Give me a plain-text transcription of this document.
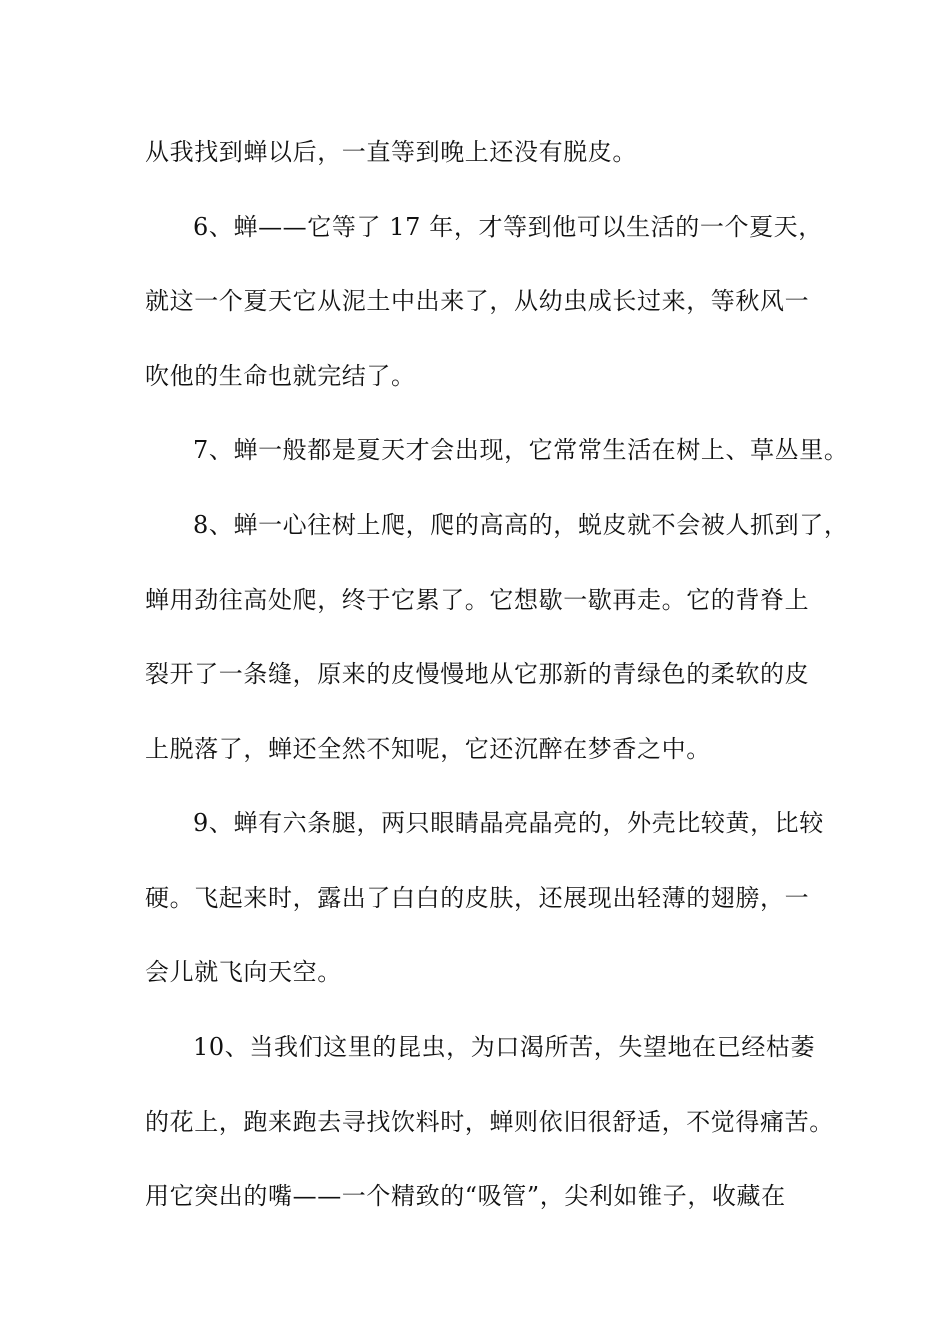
从我找到蝉以后，一直等到晚上还没有脱皮。
6、蝉——它等了 17 年，才等到他可以生活的一个夏天，
就这一个夏天它从泥土中出来了，从幼虫成长过来，等秋风一
吹他的生命也就完结了。
7、蝉一般都是夏天才会出现，它常常生活在树上、草丛里。
8、蝉一心往树上爬，爬的高高的，蜕皮就不会被人抓到了，
蝉用劲往高处爬，终于它累了。它想歇一歇再走。它的背脊上
裂开了一条缝，原来的皮慢慢地从它那新的青绿色的柔软的皮
上脱落了，蝉还全然不知呢，它还沉醉在梦香之中。
9、蝉有六条腿，两只眼睛晶亮晶亮的，外壳比较黄，比较
硬。飞起来时，露出了白白的皮肤，还展现出轻薄的翅膀，一
会儿就飞向天空。
10、当我们这里的昆虫，为口渴所苦，失望地在已经枯萎
的花上，跑来跑去寻找饮料时，蝉则依旧很舒适，不觉得痛苦。
用它突出的嘴——一个精致的“吸管”，尖利如锥子，收藏在
